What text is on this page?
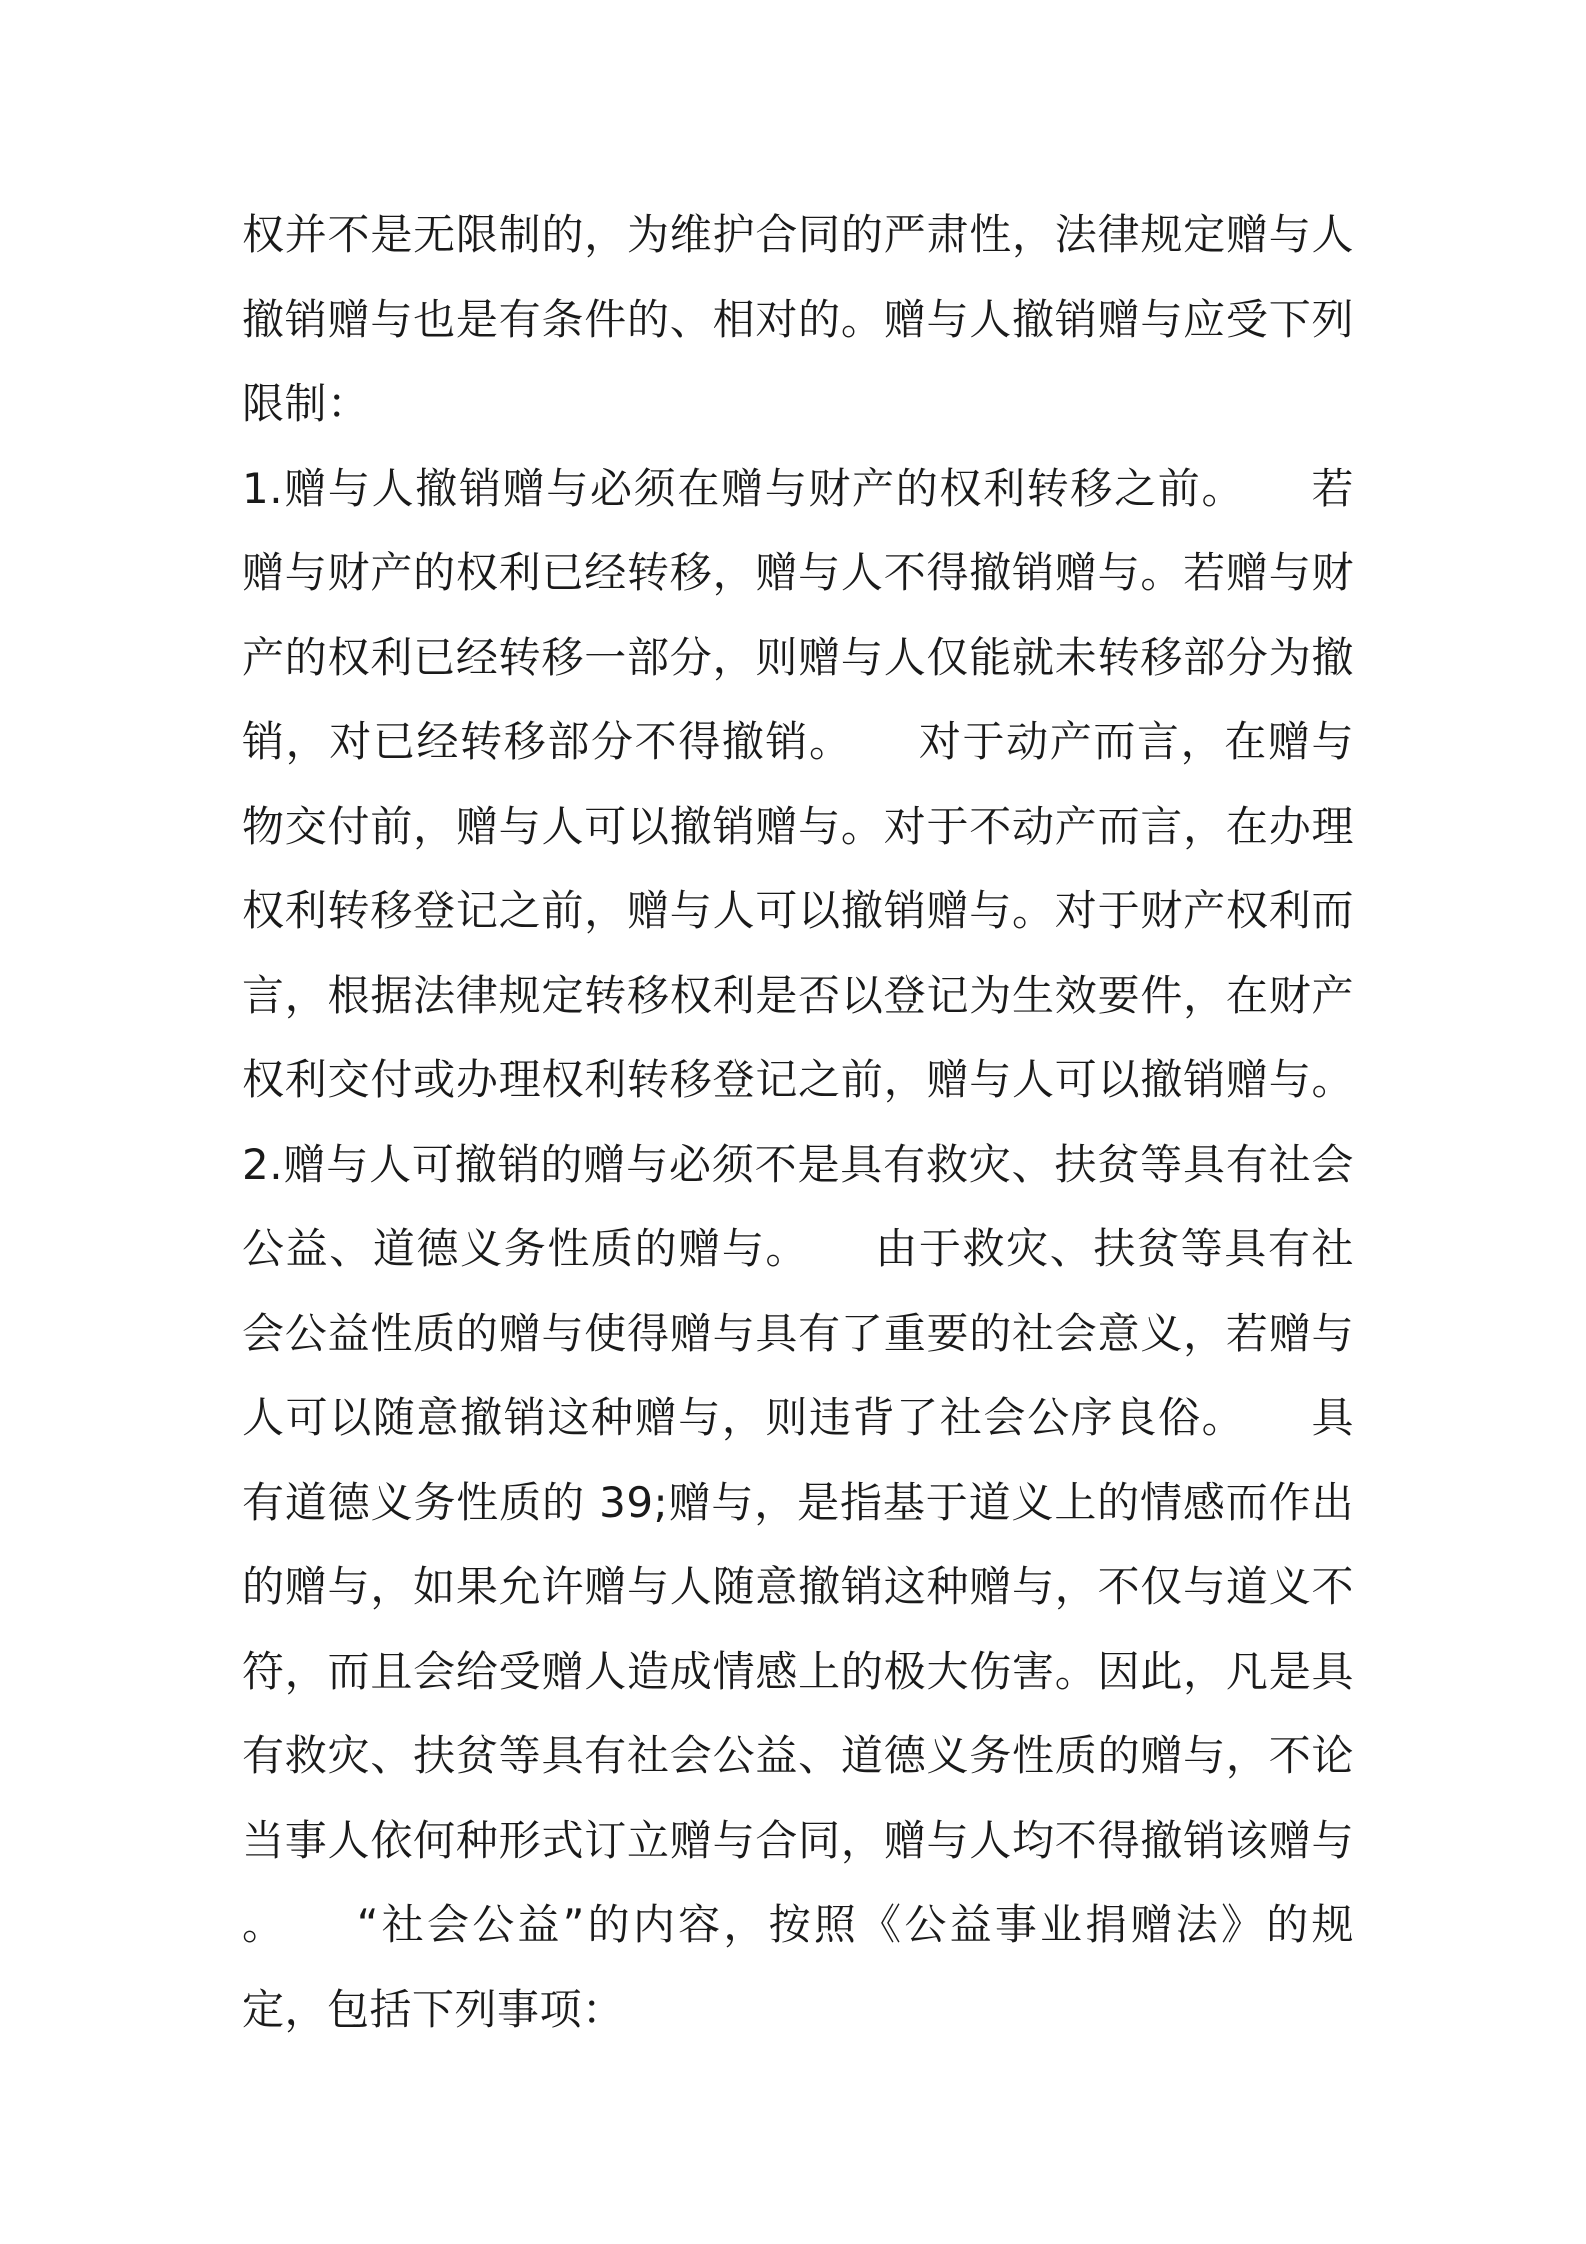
权并不是无限制的，为维护合同的严肃性，法律规定赠与人
撤销赠与也是有条件的、相对的。赠与人撤销赠与应受下列
限制：
1.赠与人撤销赠与必须在赠与财产的权利转移之前。　　若
赠与财产的权利已经转移，赠与人不得撤销赠与。若赠与财
产的权利已经转移一部分，则赠与人仅能就未转移部分为撤
销，对已经转移部分不得撤销。　　对于动产而言，在赠与
物交付前，赠与人可以撤销赠与。对于不动产而言，在办理
权利转移登记之前，赠与人可以撤销赠与。对于财产权利而
言，根据法律规定转移权利是否以登记为生效要件，在财产
权利交付或办理权利转移登记之前，赠与人可以撤销赠与。
2.赠与人可撤销的赠与必须不是具有救灾、扶贫等具有社会
公益、道德义务性质的赠与。　　由于救灾、扶贫等具有社
会公益性质的赠与使得赠与具有了重要的社会意义，若赠与
人可以随意撤销这种赠与，则违背了社会公序良俗。　　具
有道德义务性质的 39;赠与，是指基于道义上的情感而作出
的赠与，如果允许赠与人随意撤销这种赠与，不仅与道义不
符，而且会给受赠人造成情感上的极大伤害。因此，凡是具
有救灾、扶贫等具有社会公益、道德义务性质的赠与，不论
当事人依何种形式订立赠与合同，赠与人均不得撤销该赠与
。　　“社会公益”的内容，按照《公益事业捐赠法》的规
定，包括下列事项：
